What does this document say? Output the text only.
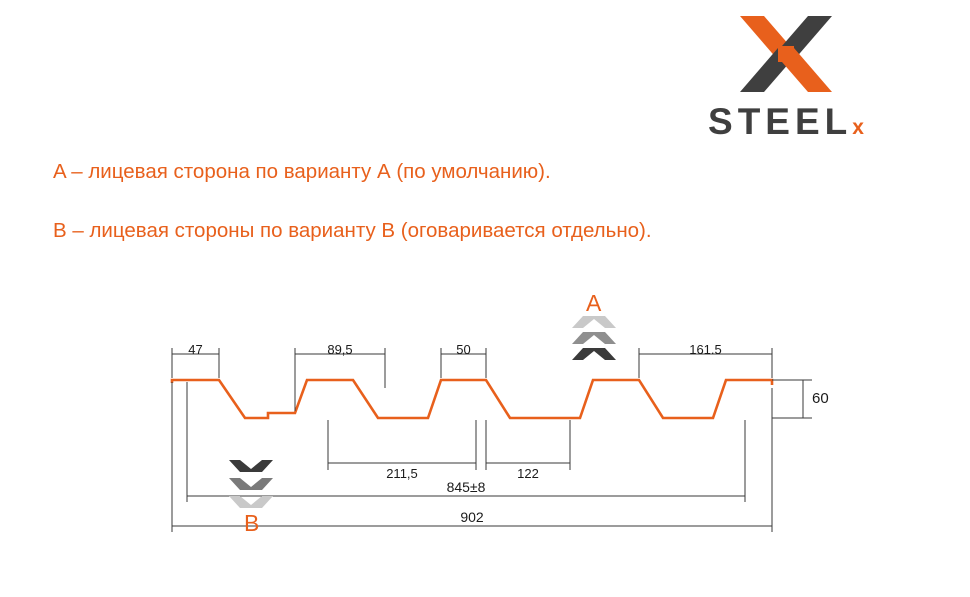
STEELx
A – лицевая сторона по варианту А (по умолчанию).
B – лицевая стороны по варианту B (оговаривается отдельно).
47	89,5	50	161.5
211,5	122
60
845±8
902
A
B
